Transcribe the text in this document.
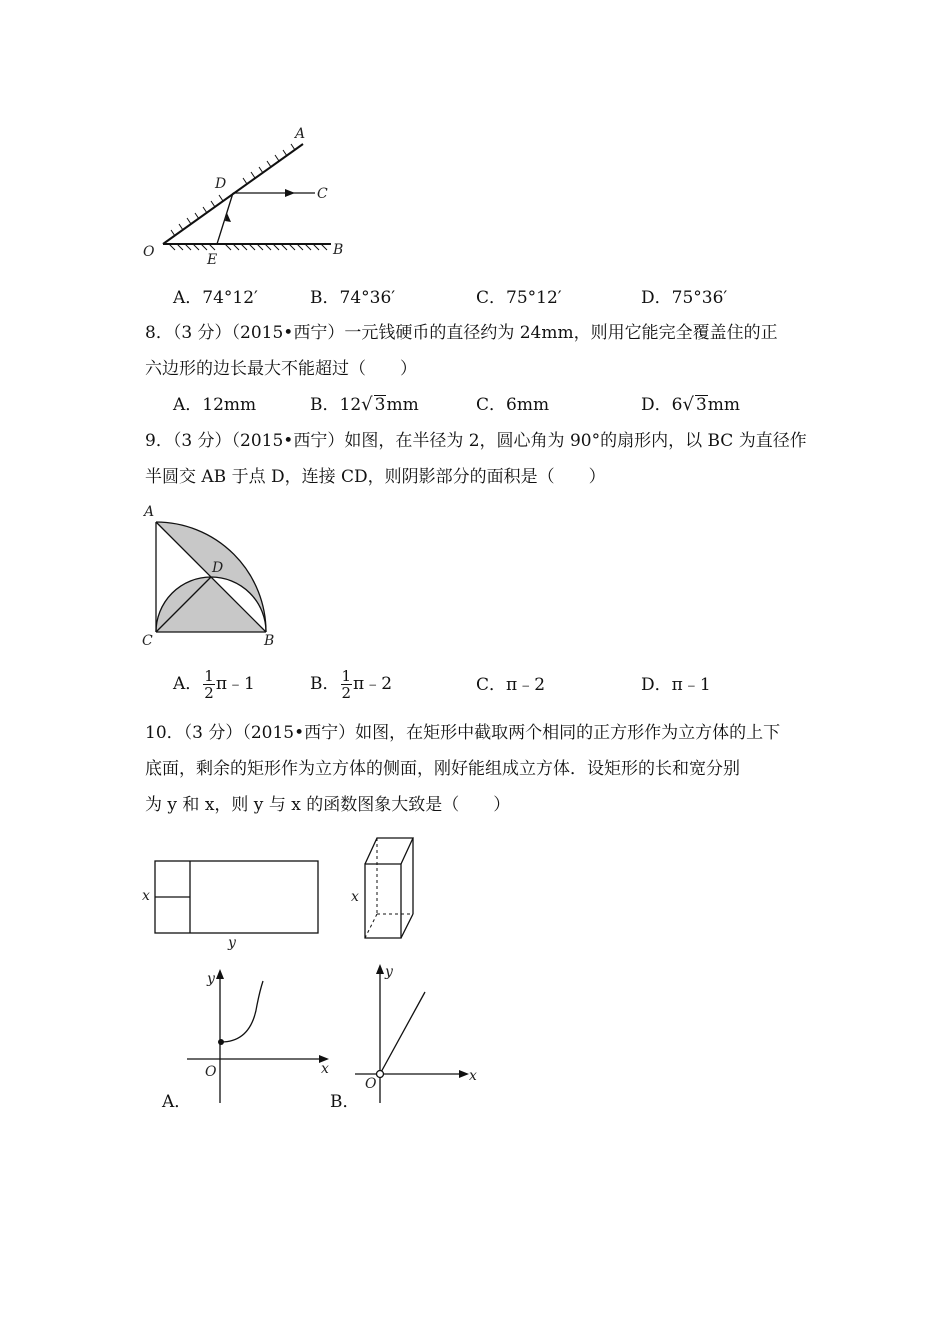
A
D
C
O	E
B
A．74°12′	B．74°36′	C．75°12′	D．75°36′
8．（3 分）（2015•西宁）一元钱硬币的直径约为 24mm，则用它能完全覆盖住的正
六边形的边长最大不能超过（　　）
A．12mm	B．12√ 3mm	C．6mm	D．6√ 3mm
9．（3 分）（2015•西宁）如图，在半径为 2，圆心角为 90°的扇形内，以 BC 为直径作
半圆交 AB 于点 D，连接 CD，则阴影部分的面积是（　　）
A
D
C	B
A． $\frac{1}{2}$ π﹣1	B． $\frac{1}{2}$ π﹣2	C．π﹣2	D．π﹣1
10．（3 分）（2015•西宁）如图，在矩形中截取两个相同的正方形作为立方体的上下
底面，剩余的矩形作为立方体的侧面，刚好能组成立方体．设矩形的长和宽分别
为 y 和 x，则 y 与 x 的函数图象大致是（　　）
x
y
x
y
x
O
y
x
O
A．	B．
